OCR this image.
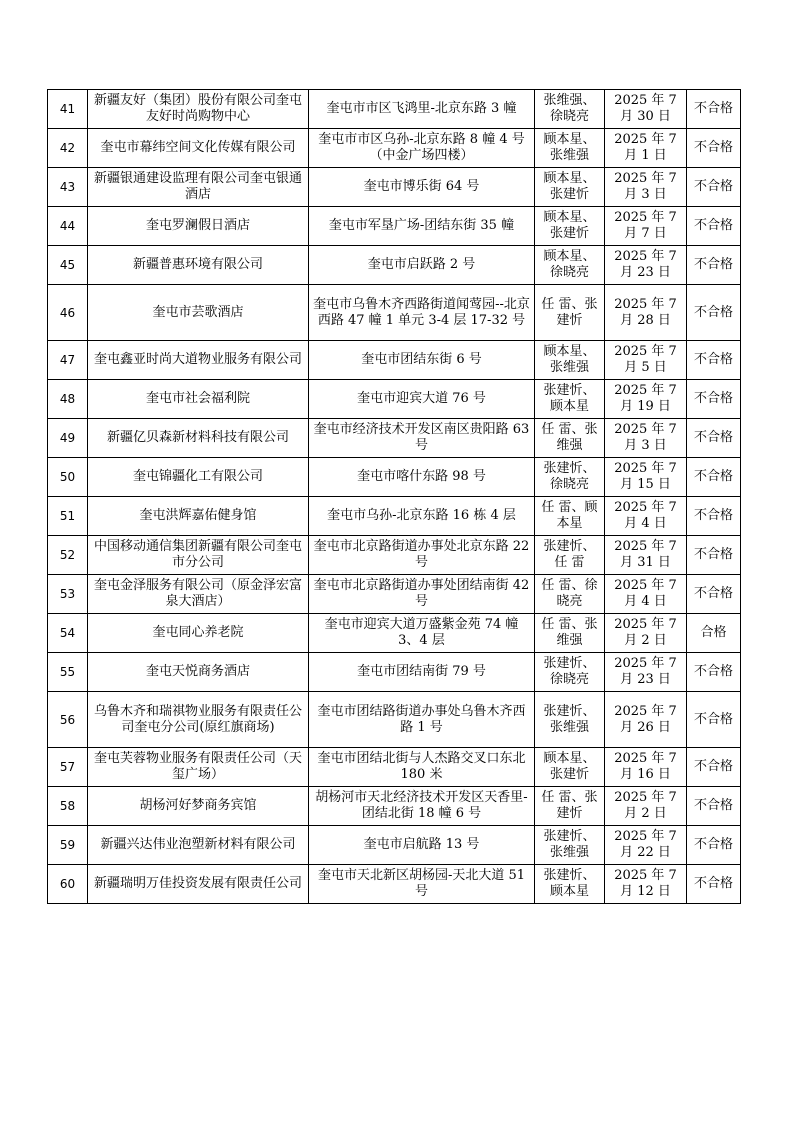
41	新疆友好（集团）股份有限公司奎屯友好时尚购物中心	奎屯市市区飞鸿里-北京东路 3 幢	张维强、徐晓亮	2025 年 7 月 30 日	不合格
42	奎屯市幕纬空间文化传媒有限公司	奎屯市市区乌孙-北京东路 8 幢 4 号（中金广场四楼）	顾本星、张维强	2025 年 7 月 1 日	不合格
43	新疆银通建设监理有限公司奎屯银通酒店	奎屯市博乐街 64 号	顾本星、张建忻	2025 年 7 月 3 日	不合格
44	奎屯罗澜假日酒店	奎屯市军垦广场-团结东街 35 幢	顾本星、张建忻	2025 年 7 月 7 日	不合格
45	新疆普惠环境有限公司	奎屯市启跃路 2 号	顾本星、徐晓亮	2025 年 7 月 23 日	不合格
46	奎屯市芸歌酒店	奎屯市乌鲁木齐西路街道闻莺园--北京西路 47 幢 1 单元 3-4 层 17-32 号	任 雷、张建忻	2025 年 7 月 28 日	不合格
47	奎屯鑫亚时尚大道物业服务有限公司	奎屯市团结东街 6 号	顾本星、张维强	2025 年 7 月 5 日	不合格
48	奎屯市社会福利院	奎屯市迎宾大道 76 号	张建忻、顾本星	2025 年 7 月 19 日	不合格
49	新疆亿贝森新材料科技有限公司	奎屯市经济技术开发区南区贵阳路 63 号	任 雷、张维强	2025 年 7 月 3 日	不合格
50	奎屯锦疆化工有限公司	奎屯市喀什东路 98 号	张建忻、徐晓亮	2025 年 7 月 15 日	不合格
51	奎屯洪辉嘉佑健身馆	奎屯市乌孙-北京东路 16 栋 4 层	任 雷、顾本星	2025 年 7 月 4 日	不合格
52	中国移动通信集团新疆有限公司奎屯市分公司	奎屯市北京路街道办事处北京东路 22 号	张建忻、任 雷	2025 年 7 月 31 日	不合格
53	奎屯金泽服务有限公司（原金泽宏富泉大酒店）	奎屯市北京路街道办事处团结南街 42 号	任 雷、徐晓亮	2025 年 7 月 4 日	不合格
54	奎屯同心养老院	奎屯市迎宾大道万盛紫金苑 74 幢 3、4 层	任 雷、张维强	2025 年 7 月 2 日	合格
55	奎屯天悦商务酒店	奎屯市团结南街 79 号	张建忻、徐晓亮	2025 年 7 月 23 日	不合格
56	乌鲁木齐和瑞祺物业服务有限责任公司奎屯分公司(原红旗商场)	奎屯市团结路街道办事处乌鲁木齐西路 1 号	张建忻、张维强	2025 年 7 月 26 日	不合格
57	奎屯芙蓉物业服务有限责任公司（天玺广场）	奎屯市团结北街与人杰路交叉口东北 180 米	顾本星、张建忻	2025 年 7 月 16 日	不合格
58	胡杨河好梦商务宾馆	胡杨河市天北经济技术开发区天香里-团结北街 18 幢 6 号	任 雷、张建忻	2025 年 7 月 2 日	不合格
59	新疆兴达伟业泡塑新材料有限公司	奎屯市启航路 13 号	张建忻、张维强	2025 年 7 月 22 日	不合格
60	新疆瑞明万佳投资发展有限责任公司	奎屯市天北新区胡杨园-天北大道 51 号	张建忻、顾本星	2025 年 7 月 12 日	不合格
